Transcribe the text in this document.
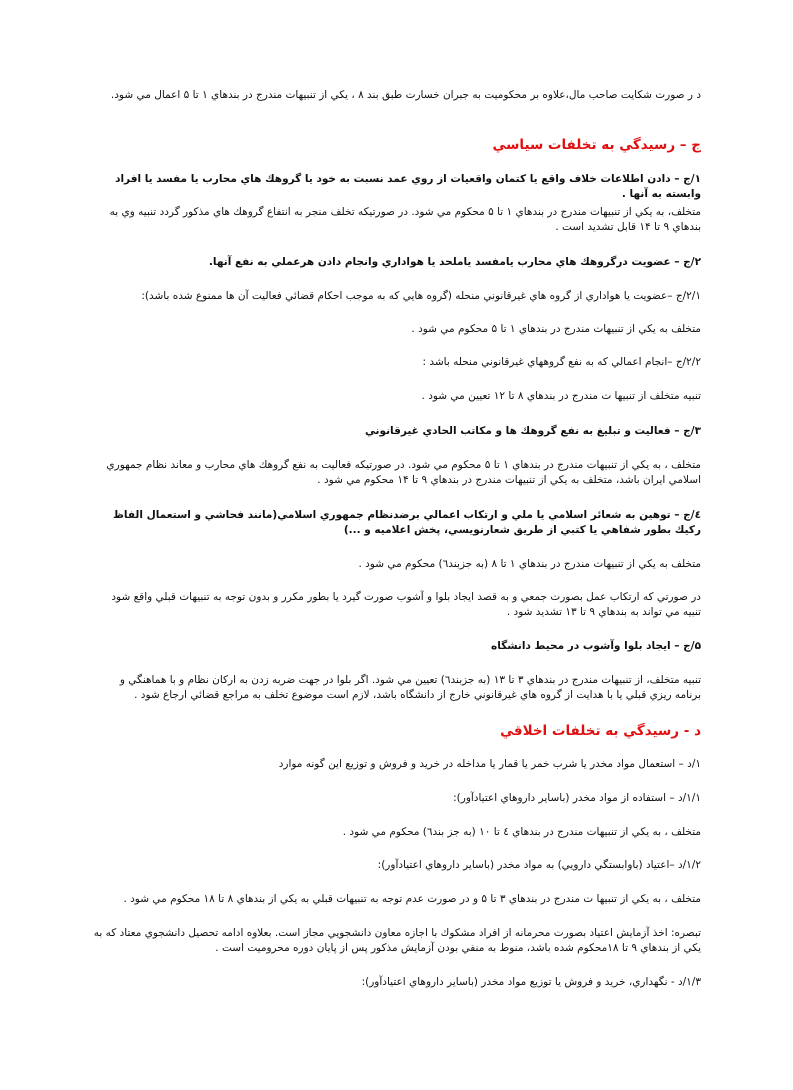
د ر صورت شكايت صاحب مال،علاوه بر محكوميت به جبران خسارت طبق بند ۸ ، يكي از تنبيهات مندرج در بندهاي ۱ تا ۵ اعمال مي شود.

ج – رسيدگي به تخلفات سياسي

۱/ج – دادن اطلاعات خلاف واقع يا كتمان واقعيات از روي عمد نسبت به خود يا گروهك هاي محارب يا مفسد يا افراد وابسته به آنها .

متخلف، به يكي از تنبيهات مندرج در بندهاي ۱ تا ۵ محكوم مي شود. در صورتيكه تخلف منجر به انتفاع گروهك هاي مذكور گردد تنبيه وي به بندهاي ۹ تا ۱۴ قابل تشديد است .

۲/ج – عضويت درگروهك هاي محارب يامفسد ياملحد يا هواداري وانجام دادن هرعملي به نفع آنها.

۲/۱/ج –عضويت يا هواداري از گروه هاي غيرقانوني منحله (گروه هايي كه به موجب احكام قضائي فعاليت آن ها ممنوع شده باشد):

متخلف به يكي از تنبيهات مندرج در بندهاي ۱ تا ۵ محكوم مي شود .

۲/۲/ج –انجام اعمالي كه به نفع گروههاي غيرقانوني منحله باشد :

تنبيه متخلف از تنبيها ت مندرج در بندهاي ۸ تا ۱۲ تعيين مي شود .

۳/ج – فعاليت و تبليغ به نفع گروهك ها و مكاتب الحادي غيرقانوني

متخلف ، به يكي از تنبيهات مندرج در بندهاي ۱ تا ۵ محكوم مي شود. در صورتيكه فعاليت به نفع گروهك هاي محارب و معاند نظام جمهوري اسلامي ايران باشد، متخلف به يكي از تنبيهات مندرج در بندهاي ۹ تا ۱۴ محكوم مي شود .

٤/ج – توهين به شعائر اسلامي يا ملي و ارتكاب اعمالي برضدنظام جمهوري اسلامي(مانند فحاشي و استعمال الفاظ ركيك بطور شفاهي يا كتبي از طريق شعارنويسي، پخش اعلاميه و ...)

متخلف به يكي از تنبيهات مندرج در بندهاي ۱ تا ۸ (به جزبند٦) محكوم مي شود .

در صورتي كه ارتكاب عمل بصورت جمعي و به قصد ايجاد بلوا و آشوب صورت گيرد يا بطور مكرر و بدون توجه به تنبيهات قبلي واقع شود تنبيه مي تواند به بندهاي ۹ تا ۱۳ تشديد شود .

۵/ج – ايجاد بلوا وآشوب در محيط دانشگاه

تنبيه متخلف، از تنبيهات مندرج در بندهاي ۳ تا ۱۳ (به جزبند٦) تعيين مي شود. اگر بلوا در جهت ضربه زدن به اركان نظام و با هماهنگي و برنامه ريزي قبلي يا با هدايت از گروه هاي غيرقانوني خارج از دانشگاه باشد، لازم است موضوع تخلف به مراجع قضائي ارجاع شود .

د - رسيدگي به تخلفات اخلاقي

۱/د – استعمال مواد مخدر يا شرب خمر يا قمار يا مداخله در خريد و فروش و توزيع اين گونه موارد

۱/۱/د – استفاده از مواد مخدر (باساير داروهاي اعتيادآور):

متخلف ، به يكي از تنبيهات مندرج در بندهاي ٤ تا ۱۰ (به جز بند٦) محكوم مي شود .

۱/۲/د –اعتياد (باوابستگي دارويي) به مواد مخدر (باساير داروهاي اعتيادآور):

متخلف ، به يكي از تنبيها ت مندرج در بندهاي ۳ تا ۵ و در صورت عدم توجه به تنبيهات قبلي به يكي از بندهاي ۸ تا ۱۸ محكوم مي شود .

تبصره: اخذ آزمايش اعتياد بصورت محرمانه از افراد مشكوك با اجازه معاون دانشجويي مجاز است. بعلاوه ادامه تحصيل دانشجوي معتاد كه به يكي از بندهاي ۹ تا ۱۸محكوم شده باشد، منوط به منفي بودن آزمايش مذكور پس از پايان دوره محروميت است .

۱/۳/د - نگهداري، خريد و فروش يا توزيع مواد مخدر (باساير داروهاي اعتيادآور):
